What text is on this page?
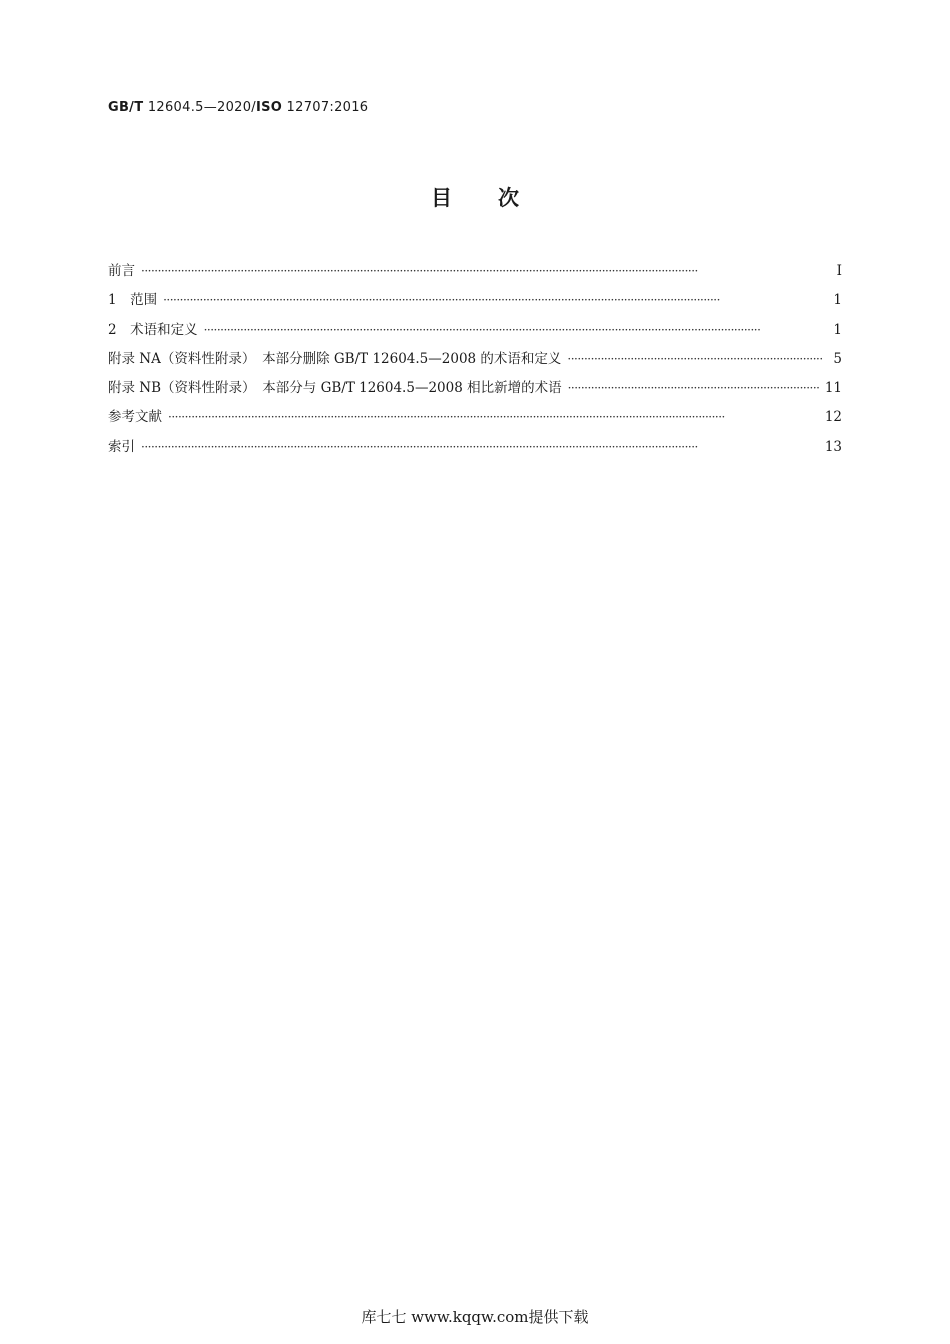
GB/T 12604.5—2020/ISO 12707:2016
目次
前言 ·····	Ⅰ
1　范围 ·····	1
2　术语和定义 ·····	1
附录 NA（资料性附录）　本部分删除 GB/T 12604.5—2008 的术语和定义 ·····	5
附录 NB（资料性附录）　本部分与 GB/T 12604.5—2008 相比新增的术语 ·····	11
参考文献 ·····	12
索引 ·····	13
库七七 www.kqqw.com提供下载
